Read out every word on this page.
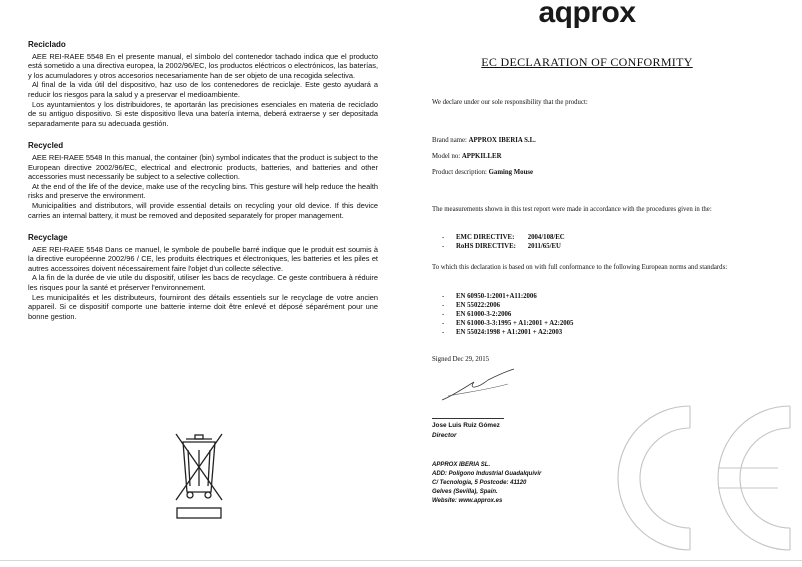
Reciclado

AEE REI-RAEE 5548 En el presente manual, el símbolo del contenedor tachado indica que el producto está sometido a una directiva europea, la 2002/96/EC, los productos eléctricos o electrónicos, las baterías, y los acumuladores y otros accesorios necesariamente han de ser objeto de una recogida selectiva.

Al final de la vida útil del dispositivo, haz uso de los contenedores de reciclaje. Este gesto ayudará a reducir los riesgos para la salud y a preservar el medioambiente.

Los ayuntamientos y los distribuidores, te aportarán las precisiones esenciales en materia de reciclado de su antiguo dispositivo. Si este dispositivo lleva una batería interna, deberá extraerse y ser depositada separadamente para su adecuada gestión.

Recycled

AEE REI-RAEE 5548 In this manual, the container (bin) symbol indicates that the product is subject to the European directive 2002/96/EC, electrical and electronic products, batteries, and batteries and other accessories must necessarily be subject to a selective collection.

At the end of the life of the device, make use of the recycling bins. This gesture will help reduce the health risks and preserve the environment.

Municipalities and distributors, will provide essential details on recycling your old device. If this device carries an internal battery, it must be removed and deposited separately for proper management.

Recyclage

AEE REI-RAEE 5548 Dans ce manuel, le symbole de poubelle barré indique que le produit est soumis à la directive européenne 2002/96 / CE, les produits électriques et électroniques, les batteries et les piles et autres accessoires doivent nécessairement faire l'objet d'un collecte sélective.

A la fin de la durée de vie utile du dispositif, utiliser les bacs de recyclage. Ce geste contribuera à réduire les risques pour la santé et préserver l'environnement.

Les municipalités et les distributeurs, fourniront des détails essentiels sur le recyclage de votre ancien appareil. Si ce dispositif comporte une batterie interne doit être enlevé et déposé séparément pour une bonne gestion.

aqprox
EC DECLARATION OF CONFORMITY
We declare under our sole responsibility that the product:
Brand name: APPROX IBERIA S.L.
Model no: APPKILLER
Product description: Gaming Mouse
The measurements shown in this test report were made in accordance with the procedures given in the:
- EMC DIRECTIVE: 2004/108/EC
- RoHS DIRECTIVE: 2011/65/EU
To which this declaration is based on with full conformance to the following European norms and standards:
- EN 60950-1:2001+A11:2006
- EN 55022:2006
- EN 61000-3-2:2006
- EN 61000-3-3:1995 + A1:2001 + A2:2005
- EN 55024:1998 + A1:2001 + A2:2003
Signed Dec 29, 2015
Jose Luis Ruiz Gómez
Director
APPROX IBERIA SL.
ADD: Polígono Industrial Guadalquivir
C/ Tecnología, 5 Postcode: 41120
Gelves (Sevilla), Spain.
Website: www.approx.es
